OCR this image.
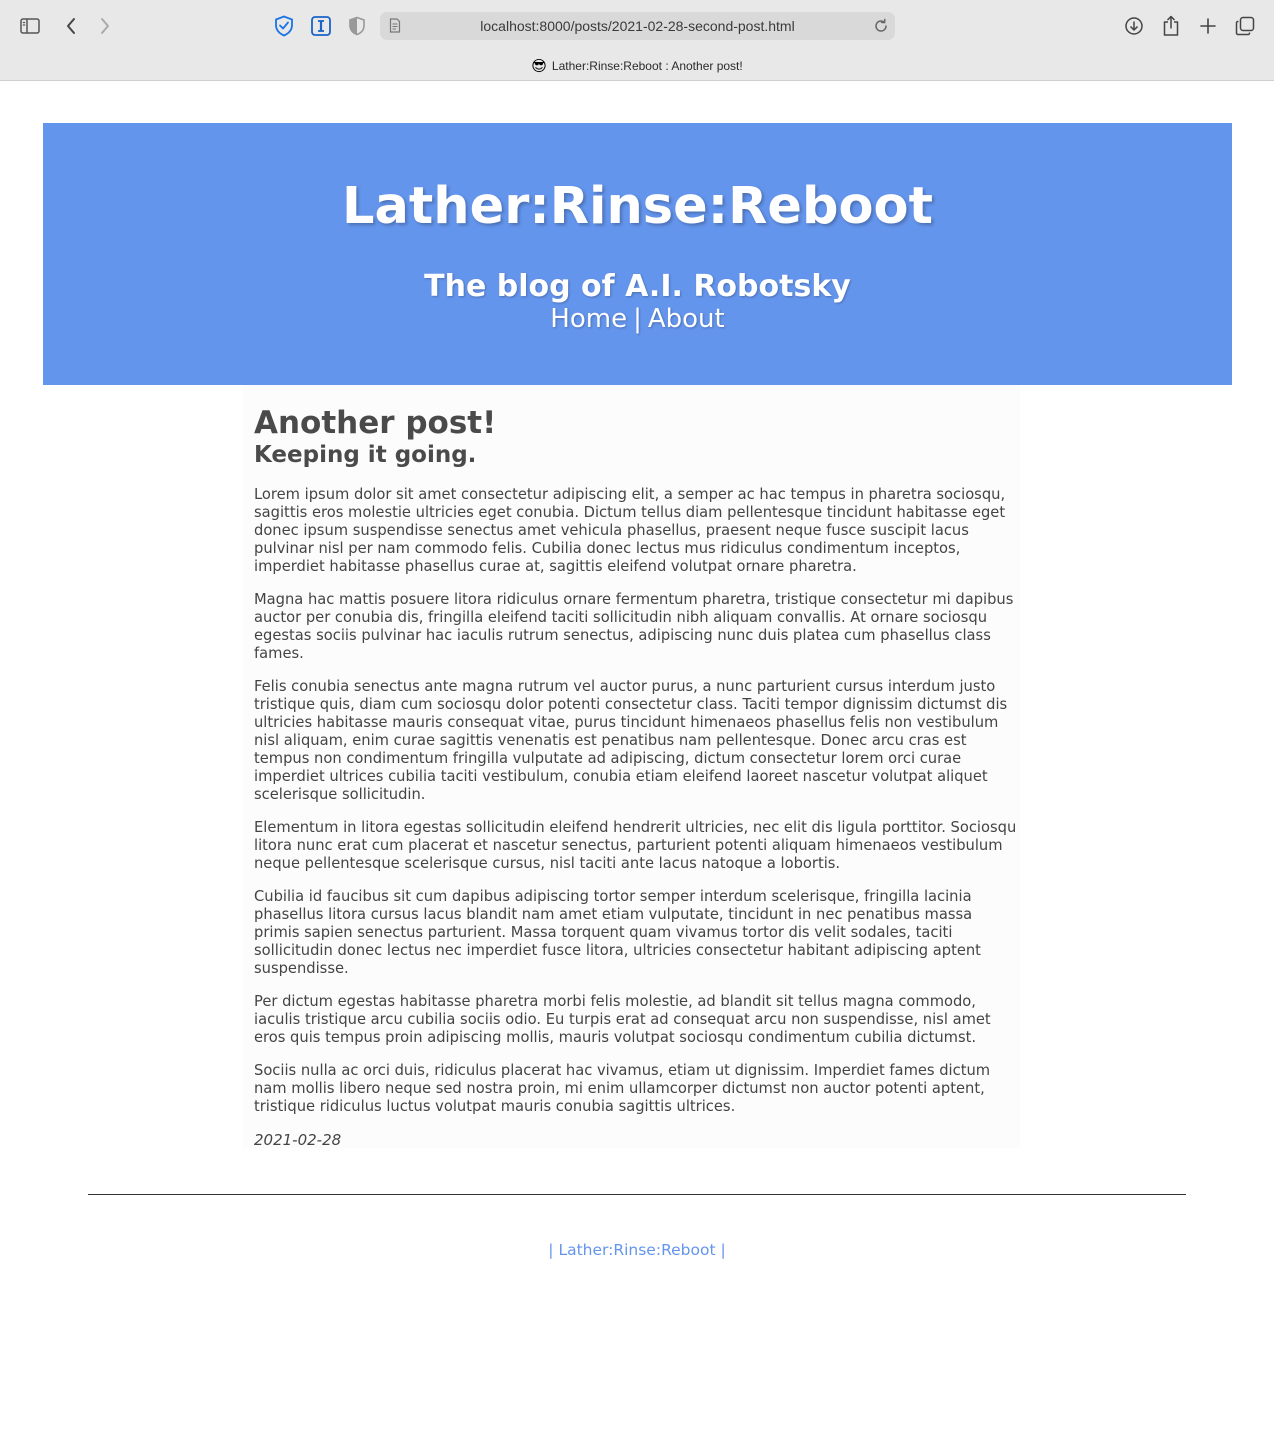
localhost:8000/posts/2021-02-28-second-post.html
😎 Lather:Rinse:Reboot : Another post!
Lather:Rinse:Reboot
The blog of A.I. Robotsky
Home | About
Another post!
Keeping it going.

Lorem ipsum dolor sit amet consectetur adipiscing elit, a semper ac hac tempus in pharetra sociosqu, sagittis eros molestie ultricies eget conubia. Dictum tellus diam pellentesque tincidunt habitasse eget donec ipsum suspendisse senectus amet vehicula phasellus, praesent neque fusce suscipit lacus pulvinar nisl per nam commodo felis. Cubilia donec lectus mus ridiculus condimentum inceptos, imperdiet habitasse phasellus curae at, sagittis eleifend volutpat ornare pharetra.

Magna hac mattis posuere litora ridiculus ornare fermentum pharetra, tristique consectetur mi dapibus auctor per conubia dis, fringilla eleifend taciti sollicitudin nibh aliquam convallis. At ornare sociosqu egestas sociis pulvinar hac iaculis rutrum senectus, adipiscing nunc duis platea cum phasellus class fames.

Felis conubia senectus ante magna rutrum vel auctor purus, a nunc parturient cursus interdum justo tristique quis, diam cum sociosqu dolor potenti consectetur class. Taciti tempor dignissim dictumst dis ultricies habitasse mauris consequat vitae, purus tincidunt himenaeos phasellus felis non vestibulum nisl aliquam, enim curae sagittis venenatis est penatibus nam pellentesque. Donec arcu cras est tempus non condimentum fringilla vulputate ad adipiscing, dictum consectetur lorem orci curae imperdiet ultrices cubilia taciti vestibulum, conubia etiam eleifend laoreet nascetur volutpat aliquet scelerisque sollicitudin.

Elementum in litora egestas sollicitudin eleifend hendrerit ultricies, nec elit dis ligula porttitor. Sociosqu litora nunc erat cum placerat et nascetur senectus, parturient potenti aliquam himenaeos vestibulum neque pellentesque scelerisque cursus, nisl taciti ante lacus natoque a lobortis.

Cubilia id faucibus sit cum dapibus adipiscing tortor semper interdum scelerisque, fringilla lacinia phasellus litora cursus lacus blandit nam amet etiam vulputate, tincidunt in nec penatibus massa primis sapien senectus parturient. Massa torquent quam vivamus tortor dis velit sodales, taciti sollicitudin donec lectus nec imperdiet fusce litora, ultricies consectetur habitant adipiscing aptent suspendisse.

Per dictum egestas habitasse pharetra morbi felis molestie, ad blandit sit tellus magna commodo, iaculis tristique arcu cubilia sociis odio. Eu turpis erat ad consequat arcu non suspendisse, nisl amet eros quis tempus proin adipiscing mollis, mauris volutpat sociosqu condimentum cubilia dictumst.

Sociis nulla ac orci duis, ridiculus placerat hac vivamus, etiam ut dignissim. Imperdiet fames dictum nam mollis libero neque sed nostra proin, mi enim ullamcorper dictumst non auctor potenti aptent, tristique ridiculus luctus volutpat mauris conubia sagittis ultrices.

2021-02-28
| Lather:Rinse:Reboot |
